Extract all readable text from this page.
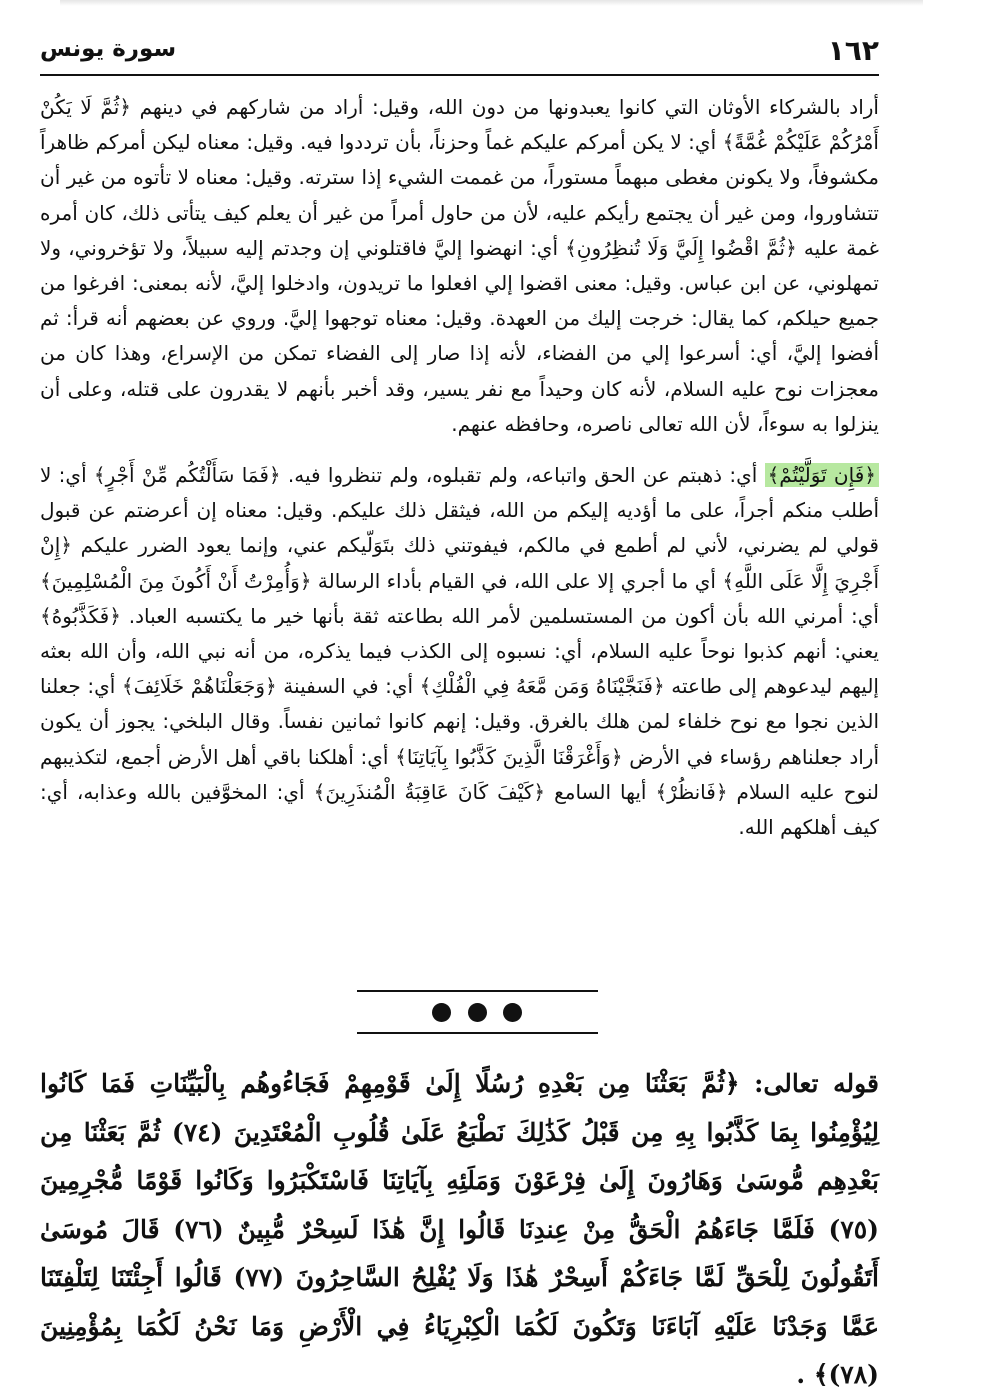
١٦٢
سورة يونس

أراد بالشركاء الأوثان التي كانوا يعبدونها من دون الله، وقيل: أراد من شاركهم في دينهم ﴿ثُمَّ لَا يَكُنْ أَمْرُكُمْ عَلَيْكُمْ غُمَّةً﴾ أي: لا يكن أمركم عليكم غماً وحزناً، بأن ترددوا فيه. وقيل: معناه ليكن أمركم ظاهراً مكشوفاً، ولا يكونن مغطى مبهماً مستوراً، من غممت الشيء إذا سترته. وقيل: معناه لا تأتوه من غير أن تتشاوروا، ومن غير أن يجتمع رأيكم عليه، لأن من حاول أمراً من غير أن يعلم كيف يتأتى ذلك، كان أمره غمة عليه ﴿ثُمَّ اقْضُوا إِلَيَّ وَلَا تُنظِرُونِ﴾ أي: انهضوا إليَّ فاقتلوني إن وجدتم إليه سبيلاً، ولا تؤخروني، ولا تمهلوني، عن ابن عباس. وقيل: معنى اقضوا إلي افعلوا ما تريدون، وادخلوا إليَّ، لأنه بمعنى: افرغوا من جميع حيلكم، كما يقال: خرجت إليك من العهدة. وقيل: معناه توجهوا إليَّ. وروي عن بعضهم أنه قرأ: ثم أفضوا إليَّ، أي: أسرعوا إلي من الفضاء، لأنه إذا صار إلى الفضاء تمكن من الإسراع، وهذا كان من معجزات نوح عليه السلام، لأنه كان وحيداً مع نفر يسير، وقد أخبر بأنهم لا يقدرون على قتله، وعلى أن ينزلوا به سوءاً، لأن الله تعالى ناصره، وحافظه عنهم.

﴿فَإِن تَوَلَّيْتُمْ﴾ أي: ذهبتم عن الحق واتباعه، ولم تقبلوه، ولم تنظروا فيه. ﴿فَمَا سَأَلْتُكُم مِّنْ أَجْرٍ﴾ أي: لا أطلب منكم أجراً، على ما أؤديه إليكم من الله، فيثقل ذلك عليكم. وقيل: معناه إن أعرضتم عن قبول قولي لم يضرني، لأني لم أطمع في مالكم، فيفوتني ذلك بتَوَلّيكم عني، وإنما يعود الضرر عليكم ﴿إِنْ أَجْرِيَ إِلَّا عَلَى اللَّهِ﴾ أي ما أجري إلا على الله، في القيام بأداء الرسالة ﴿وَأُمِرْتُ أَنْ أَكُونَ مِنَ الْمُسْلِمِينَ﴾ أي: أمرني الله بأن أكون من المستسلمين لأمر الله بطاعته ثقة بأنها خير ما يكتسبه العباد. ﴿فَكَذَّبُوهُ﴾ يعني: أنهم كذبوا نوحاً عليه السلام، أي: نسبوه إلى الكذب فيما يذكره، من أنه نبي الله، وأن الله بعثه إليهم ليدعوهم إلى طاعته ﴿فَنَجَّيْنَاهُ وَمَن مَّعَهُ فِي الْفُلْكِ﴾ أي: في السفينة ﴿وَجَعَلْنَاهُمْ خَلَائِفَ﴾ أي: جعلنا الذين نجوا مع نوح خلفاء لمن هلك بالغرق. وقيل: إنهم كانوا ثمانين نفساً. وقال البلخي: يجوز أن يكون أراد جعلناهم رؤساء في الأرض ﴿وَأَغْرَقْنَا الَّذِينَ كَذَّبُوا بِآيَاتِنَا﴾ أي: أهلكنا باقي أهل الأرض أجمع، لتكذيبهم لنوح عليه السلام ﴿فَانظُرْ﴾ أيها السامع ﴿كَيْفَ كَانَ عَاقِبَةُ الْمُنذَرِينَ﴾ أي: المخوَّفين بالله وعذابه، أي: كيف أهلكهم الله.

قوله تعالى: ﴿ثُمَّ بَعَثْنَا مِن بَعْدِهِ رُسُلًا إِلَىٰ قَوْمِهِمْ فَجَاءُوهُم بِالْبَيِّنَاتِ فَمَا كَانُوا لِيُؤْمِنُوا بِمَا كَذَّبُوا بِهِ مِن قَبْلُ كَذَٰلِكَ نَطْبَعُ عَلَىٰ قُلُوبِ الْمُعْتَدِينَ (٧٤) ثُمَّ بَعَثْنَا مِن بَعْدِهِم مُّوسَىٰ وَهَارُونَ إِلَىٰ فِرْعَوْنَ وَمَلَئِهِ بِآيَاتِنَا فَاسْتَكْبَرُوا وَكَانُوا قَوْمًا مُّجْرِمِينَ (٧٥) فَلَمَّا جَاءَهُمُ الْحَقُّ مِنْ عِندِنَا قَالُوا إِنَّ هَٰذَا لَسِحْرٌ مُّبِينٌ (٧٦) قَالَ مُوسَىٰ أَتَقُولُونَ لِلْحَقِّ لَمَّا جَاءَكُمْ أَسِحْرٌ هَٰذَا وَلَا يُفْلِحُ السَّاحِرُونَ (٧٧) قَالُوا أَجِئْتَنَا لِتَلْفِتَنَا عَمَّا وَجَدْنَا عَلَيْهِ آبَاءَنَا وَتَكُونَ لَكُمَا الْكِبْرِيَاءُ فِي الْأَرْضِ وَمَا نَحْنُ لَكُمَا بِمُؤْمِنِينَ (٧٨)﴾ .
